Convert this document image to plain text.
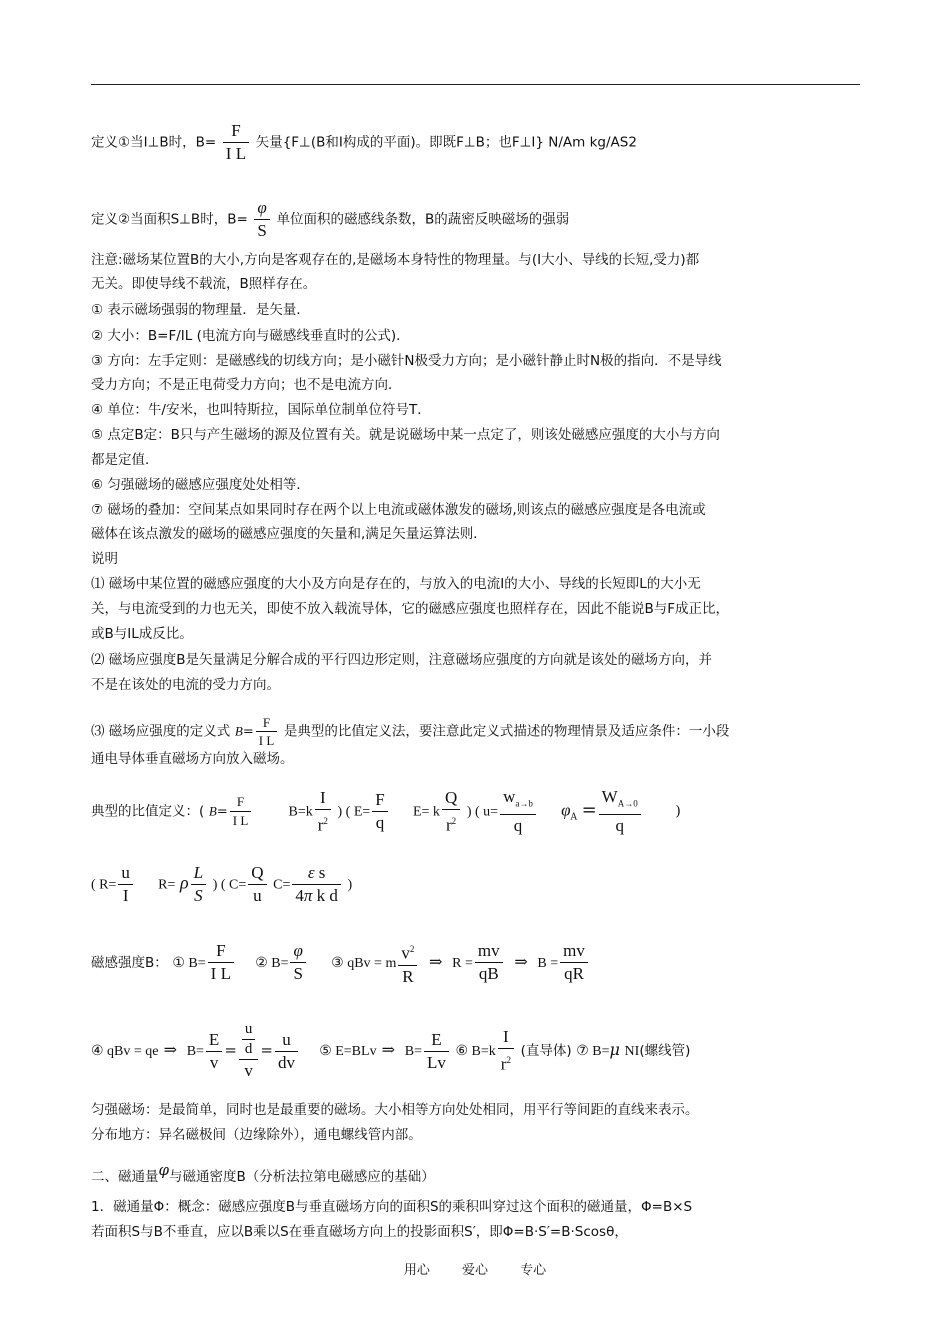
定义①当I⊥B时，$B= \frac{F}{\text{I L}}$ 矢量{F⊥(B和I构成的平面)。即既F⊥B；也F⊥I} N/Am kg/AS2
定义②当面积S⊥B时，$B= \frac{\varphi}{S}$ 单位面积的磁感线条数，B的蔬密反映磁场的强弱
注意:磁场某位置B的大小,方向是客观存在的,是磁场本身特性的物理量。与(I大小、导线的长短,受力)都
无关。即使导线不载流，B照样存在。
① 表示磁场强弱的物理量．是矢量．
② 大小：B=F/IL (电流方向与磁感线垂直时的公式)．
③ 方向：左手定则：是磁感线的切线方向；是小磁针N极受力方向；是小磁针静止时N极的指向．不是导线
受力方向；不是正电荷受力方向；也不是电流方向．
④ 单位：牛/安米，也叫特斯拉，国际单位制单位符号T．
⑤ 点定B定：B只与产生磁场的源及位置有关。就是说磁场中某一点定了，则该处磁感应强度的大小与方向
都是定值．
⑥ 匀强磁场的磁感应强度处处相等．
⑦ 磁场的叠加：空间某点如果同时存在两个以上电流或磁体激发的磁场,则该点的磁感应强度是各电流或
磁体在该点激发的磁场的磁感应强度的矢量和,满足矢量运算法则．
说明
⑴ 磁场中某位置的磁感应强度的大小及方向是存在的，与放入的电流I的大小、导线的长短即L的大小无
关，与电流受到的力也无关，即使不放入载流导体，它的磁感应强度也照样存在，因此不能说B与F成正比，
或B与IL成反比。
⑵ 磁场应强度B是矢量满足分解合成的平行四边形定则，注意磁场应强度的方向就是该处的磁场方向，并
不是在该处的电流的受力方向。
⑶ 磁场应强度的定义式 $B= \frac{F}{\text{I L}}$ 是典型的比值定义法，要注意此定义式描述的物理情景及适应条件：一小段
通电导体垂直磁场方向放入磁场。
典型的比值定义：( $B= \frac{F}{\text{I L}}$	$B=k \frac{I}{r^2}$ ) ( $E= \frac{F}{q} E= k \frac{Q}{r^2}$ ) ( $u= \frac{w_{a\to b}}{q} \varphi_A = \frac{W_{A\to 0}}{q}$ )
( $R= \frac{u}{I} R= \rho \frac{L}{S}$ ) ( $C= \frac{Q}{u} C= \frac{\text{ε s}}{\text{4π k d}}$ )
磁感强度B： ① $B= \frac{F}{\text{I L}}$ ② $B= \frac{\varphi}{S}$ ③ qBv = m $\frac{v^2}{R}$ ⇒  $R = \frac{mv}{qB}$ ⇒  $B = \frac{mv}{qR}$
④ qBv = qe ⇒  $B= \frac{E}{v} = \frac{\frac{u}{d}}{v} = \frac{u}{dv}$ ⑤ E=BLv ⇒  $B= \frac{E}{Lv}$ ⑥ $B=k \frac{I}{r^2}$ (直导体) ⑦ B=μ NI(螺线管)
匀强磁场：是最简单，同时也是最重要的磁场。大小相等方向处处相同，用平行等间距的直线来表示。
分布地方：异名磁极间（边缘除外），通电螺线管内部。
二、磁通量φ与磁通密度B（分析法拉第电磁感应的基础）
1．磁通量Φ：概念：磁感应强度B与垂直磁场方向的面积S的乘积叫穿过这个面积的磁通量，Φ=B×S
若面积S与B不垂直，应以B乘以S在垂直磁场方向上的投影面积S′，即Φ=B·S′=B·Scosθ，
用心 爱心 专心
